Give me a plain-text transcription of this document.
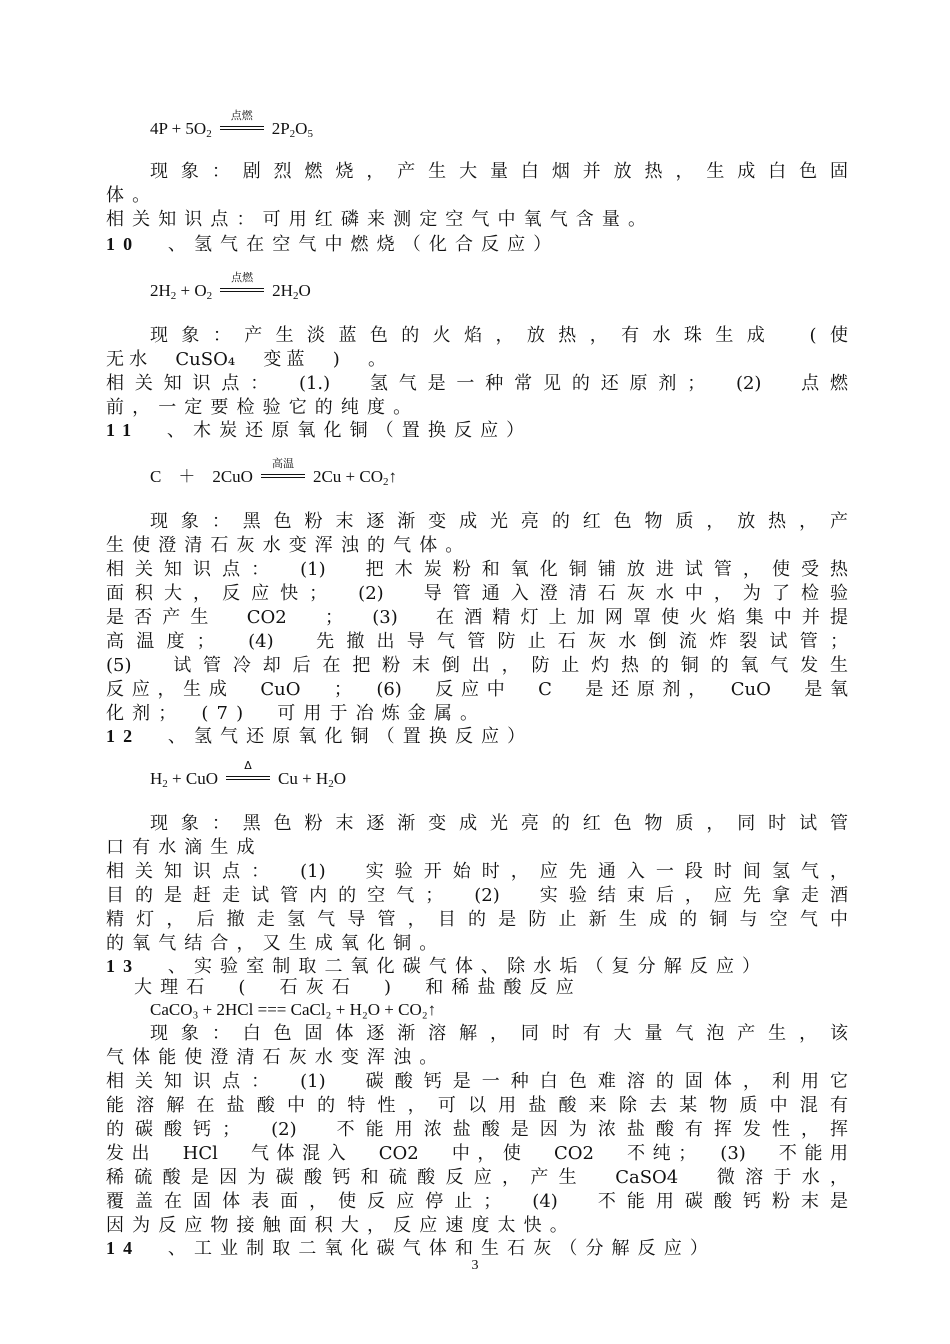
$4P + 5O_2$
点燃
$2P_2O_5$
现象：剧烈燃烧，产生大量白烟并放热，生成白色固
体。
相关知识点：可用红磷来测定空气中氧气含量。
10 、氢气在空气中燃烧（化合反应）
$2H_2 + O_2$
点燃
$2H_2O$
现象：产生淡蓝色的火焰，放热，有水珠生成　(使
无水　CuSO₄　变蓝　)　。
相关知识点：　(1.)　氢气是一种常见的还原剂；　(2)　点燃
前，一定要检验它的纯度。
11 、木炭还原氧化铜（置换反应）
C　＋　2CuO
高温
$2Cu + CO_2↑$
现象：黑色粉末逐渐变成光亮的红色物质，放热，产
生使澄清石灰水变浑浊的气体。
相关知识点：　(1)　把木炭粉和氧化铜铺放进试管，使受热
面积大，反应快；　(2)　导管通入澄清石灰水中，为了检验
是否产生　CO2　；　(3)　在酒精灯上加网罩使火焰集中并提
高温度；　(4)　先撤出导气管防止石灰水倒流炸裂试管；
(5)　试管冷却后在把粉末倒出，防止灼热的铜的氧气发生
反应，生成　CuO　；　(6)　反应中　C　是还原剂，　CuO　是氧
化剂；　(7)　可用于冶炼金属。
12 、氢气还原氧化铜（置换反应）
$H_2$ + CuO
Δ
$Cu + H_2O$
现象：黑色粉末逐渐变成光亮的红色物质，同时试管
口有水滴生成
相关知识点：　(1)　实验开始时，应先通入一段时间氢气，
目的是赶走试管内的空气；　(2)　实验结束后，应先拿走酒
精灯，后撤走氢气导管，目的是防止新生成的铜与空气中
的氧气结合，又生成氧化铜。
13 、实验室制取二氧化碳气体、除水垢（复分解反应）
大理石　(　石灰石　)　和稀盐酸反应
CaCO₃ + 2HCl === CaCl₂ + H₂O + CO₂↑
现象：白色固体逐渐溶解，同时有大量气泡产生，该
气体能使澄清石灰水变浑浊。
相关知识点：　(1)　碳酸钙是一种白色难溶的固体，利用它
能溶解在盐酸中的特性，可以用盐酸来除去某物质中混有
的碳酸钙；　(2)　不能用浓盐酸是因为浓盐酸有挥发性，挥
发出　HCl　气体混入　CO2　中，使　CO2　不纯；　(3)　不能用
稀硫酸是因为碳酸钙和硫酸反应，产生　CaSO4　微溶于水，
覆盖在固体表面，使反应停止；　(4)　不能用碳酸钙粉末是
因为反应物接触面积大，反应速度太快。
14 、工业制取二氧化碳气体和生石灰（分解反应）
3
